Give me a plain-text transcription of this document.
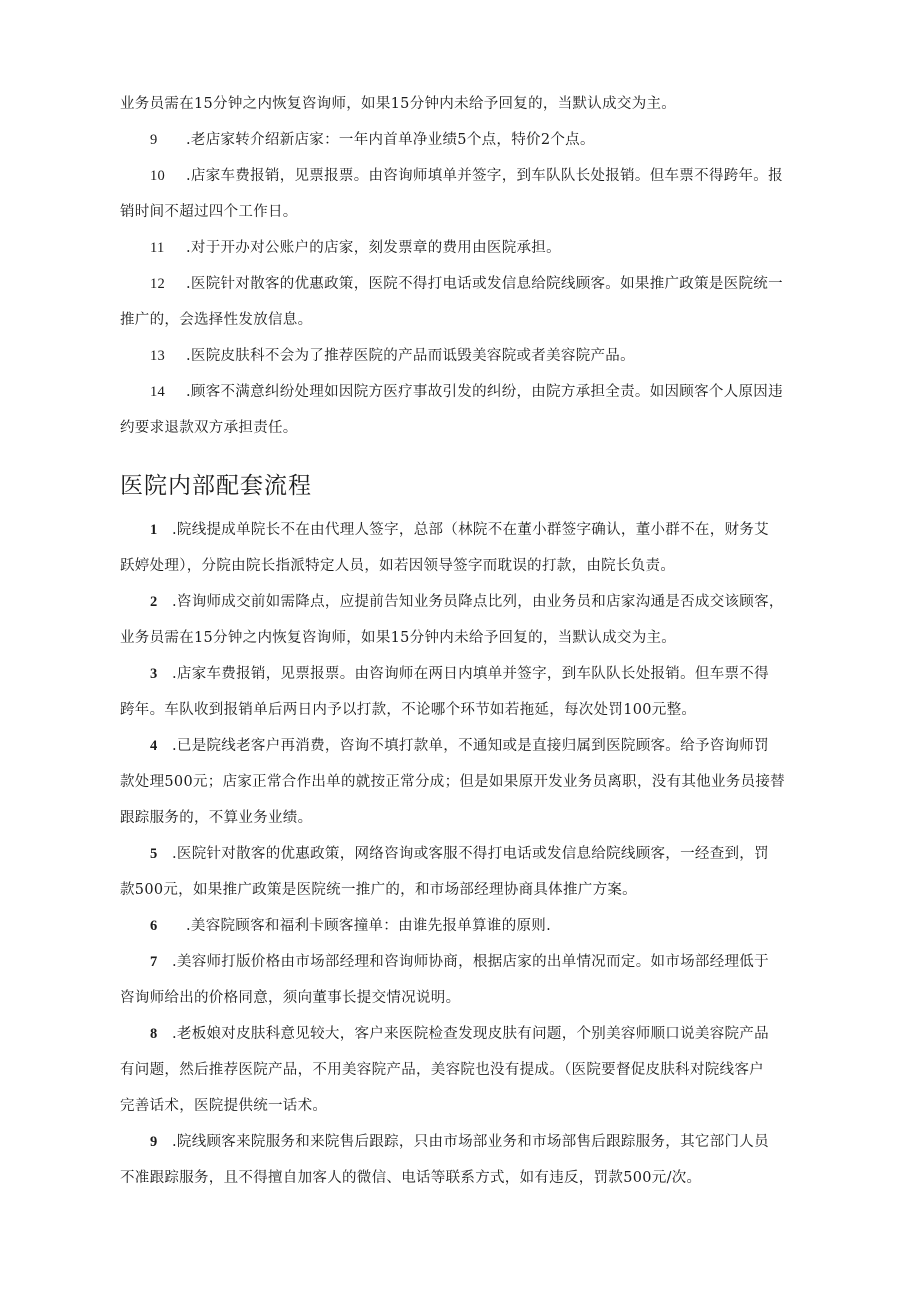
业务员需在15分钟之内恢复咨询师，如果15分钟内未给予回复的，当默认成交为主。

9 .老店家转介绍新店家：一年内首单净业绩5个点，特价2个点。

10 .店家车费报销，见票报票。由咨询师填单并签字，到车队队长处报销。但车票不得跨年。报

销时间不超过四个工作日。

11 .对于开办对公账户的店家，刻发票章的费用由医院承担。

12 .医院针对散客的优惠政策，医院不得打电话或发信息给院线顾客。如果推广政策是医院统一

推广的，会选择性发放信息。

13 .医院皮肤科不会为了推荐医院的产品而诋毁美容院或者美容院产品。

14 .顾客不满意纠纷处理如因院方医疗事故引发的纠纷，由院方承担全责。如因顾客个人原因违

约要求退款双方承担责任。

医院内部配套流程

1 .院线提成单院长不在由代理人签字，总部（林院不在董小群签字确认，董小群不在，财务艾

跃婷处理），分院由院长指派特定人员，如若因领导签字而耽误的打款，由院长负责。

2 .咨询师成交前如需降点，应提前告知业务员降点比列，由业务员和店家沟通是否成交该顾客，

业务员需在15分钟之内恢复咨询师，如果15分钟内未给予回复的，当默认成交为主。

3 .店家车费报销，见票报票。由咨询师在两日内填单并签字，到车队队长处报销。但车票不得

跨年。车队收到报销单后两日内予以打款，不论哪个环节如若拖延，每次处罚100元整。

4 .已是院线老客户再消费，咨询不填打款单，不通知或是直接归属到医院顾客。给予咨询师罚

款处理500元；店家正常合作出单的就按正常分成；但是如果原开发业务员离职，没有其他业务员接替

跟踪服务的，不算业务业绩。

5 .医院针对散客的优惠政策，网络咨询或客服不得打电话或发信息给院线顾客，一经查到，罚

款500元，如果推广政策是医院统一推广的，和市场部经理协商具体推广方案。

6 .美容院顾客和福利卡顾客撞单：由谁先报单算谁的原则.

7 .美容师打版价格由市场部经理和咨询师协商，根据店家的出单情况而定。如市场部经理低于

咨询师给出的价格同意，须向董事长提交情况说明。

8 .老板娘对皮肤科意见较大，客户来医院检查发现皮肤有问题，个别美容师顺口说美容院产品

有问题，然后推荐医院产品，不用美容院产品，美容院也没有提成。（医院要督促皮肤科对院线客户

完善话术，医院提供统一话术。

9 .院线顾客来院服务和来院售后跟踪，只由市场部业务和市场部售后跟踪服务，其它部门人员

不准跟踪服务，且不得擅自加客人的微信、电话等联系方式，如有违反，罚款500元/次。
